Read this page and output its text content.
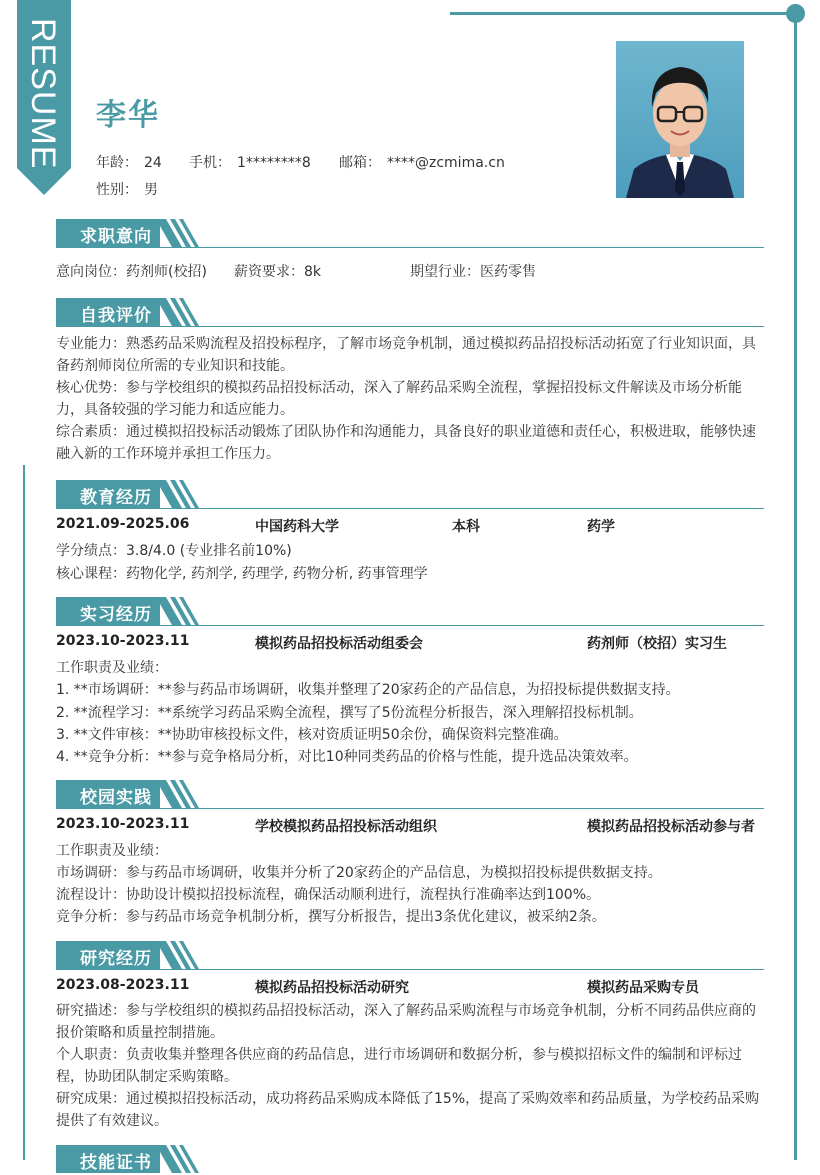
RESUME 李华
年龄： 24 手机： 1********8 邮箱： ****@zcmima.cn
性别： 男
求职意向
意向岗位：药剂师(校招) 薪资要求：8k	期望行业：医药零售
自我评价
专业能力：熟悉药品采购流程及招投标程序，了解市场竞争机制，通过模拟药品招投标活动拓宽了行业知识面，具备药剂师岗位所需的专业知识和技能。
核心优势：参与学校组织的模拟药品招投标活动，深入了解药品采购全流程，掌握招投标文件解读及市场分析能力，具备较强的学习能力和适应能力。
综合素质：通过模拟招投标活动锻炼了团队协作和沟通能力，具备良好的职业道德和责任心，积极进取，能够快速融入新的工作环境并承担工作压力。
教育经历
2021.09-2025.06	中国药科大学	本科	药学
学分绩点：3.8/4.0 (专业排名前10%)
核心课程：药物化学, 药剂学, 药理学, 药物分析, 药事管理学
实习经历
2023.10-2023.11	模拟药品招投标活动组委会	药剂师（校招）实习生
工作职责及业绩：
1. **市场调研：**参与药品市场调研，收集并整理了20家药企的产品信息，为招投标提供数据支持。
2. **流程学习：**系统学习药品采购全流程，撰写了5份流程分析报告，深入理解招投标机制。
3. **文件审核：**协助审核投标文件，核对资质证明50余份，确保资料完整准确。
4. **竞争分析：**参与竞争格局分析，对比10种同类药品的价格与性能，提升选品决策效率。
校园实践
2023.10-2023.11	学校模拟药品招投标活动组织	模拟药品招投标活动参与者
工作职责及业绩：
市场调研：参与药品市场调研，收集并分析了20家药企的产品信息，为模拟招投标提供数据支持。
流程设计：协助设计模拟招投标流程，确保活动顺利进行，流程执行准确率达到100%。
竞争分析：参与药品市场竞争机制分析，撰写分析报告，提出3条优化建议，被采纳2条。
研究经历
2023.08-2023.11	模拟药品招投标活动研究	模拟药品采购专员
研究描述：参与学校组织的模拟药品招投标活动，深入了解药品采购流程与市场竞争机制，分析不同药品供应商的报价策略和质量控制措施。
个人职责：负责收集并整理各供应商的药品信息，进行市场调研和数据分析，参与模拟招标文件的编制和评标过程，协助团队制定采购策略。
研究成果：通过模拟招投标活动，成功将药品采购成本降低了15%，提高了采购效率和药品质量，为学校药品采购提供了有效建议。
技能证书
